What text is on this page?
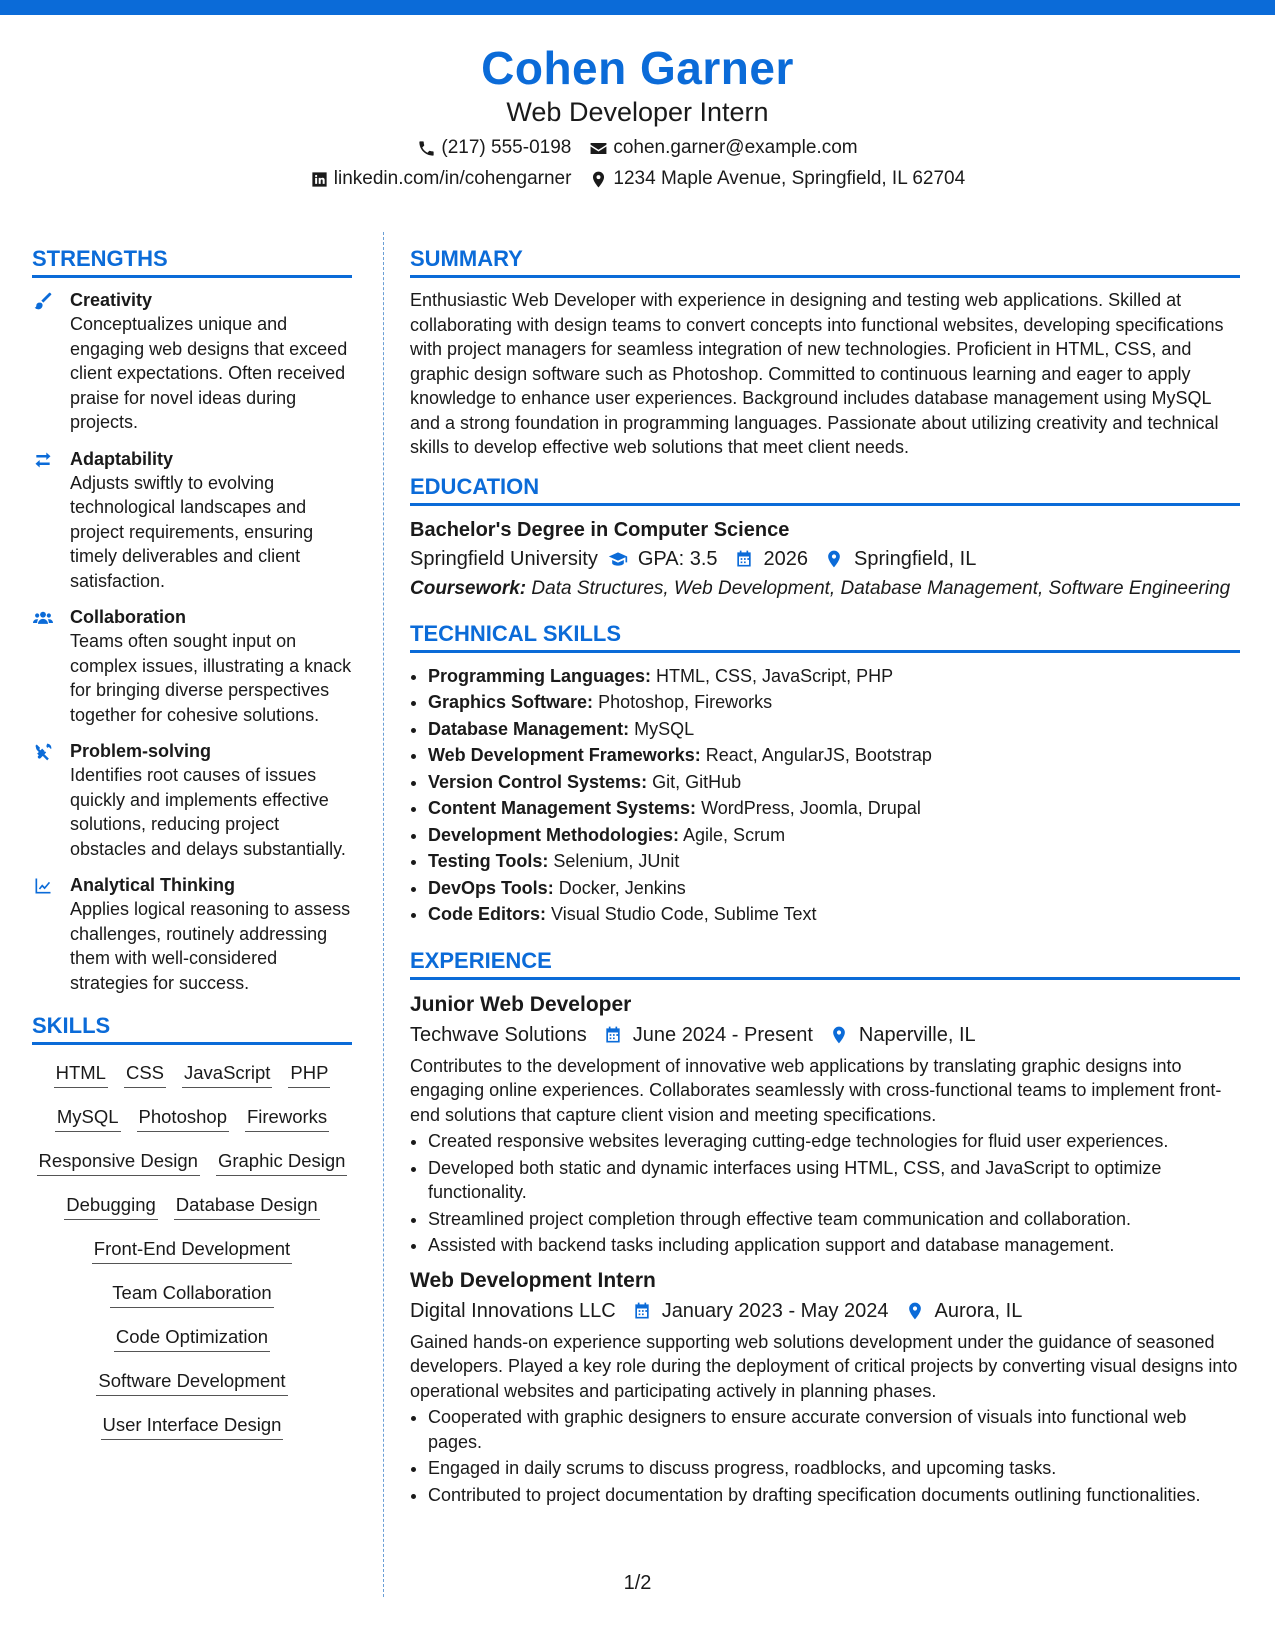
Cohen Garner
Web Developer Intern
(217) 555-0198 cohen.garner@example.com
linkedin.com/in/cohengarner 1234 Maple Avenue, Springfield, IL 62704
STRENGTHS
Creativity
Conceptualizes unique and engaging web designs that exceed client expectations. Often received praise for novel ideas during projects.
Adaptability
Adjusts swiftly to evolving technological landscapes and project requirements, ensuring timely deliverables and client satisfaction.
Collaboration
Teams often sought input on complex issues, illustrating a knack for bringing diverse perspectives together for cohesive solutions.
Problem-solving
Identifies root causes of issues quickly and implements effective solutions, reducing project obstacles and delays substantially.
Analytical Thinking
Applies logical reasoning to assess challenges, routinely addressing them with well-considered strategies for success.
SKILLS
HTML CSS JavaScript PHP
MySQL Photoshop Fireworks
Responsive Design Graphic Design
Debugging Database Design
Front-End Development
Team Collaboration
Code Optimization
Software Development
User Interface Design
SUMMARY
Enthusiastic Web Developer with experience in designing and testing web applications. Skilled at collaborating with design teams to convert concepts into functional websites, developing specifications with project managers for seamless integration of new technologies. Proficient in HTML, CSS, and graphic design software such as Photoshop. Committed to continuous learning and eager to apply knowledge to enhance user experiences. Background includes database management using MySQL and a strong foundation in programming languages. Passionate about utilizing creativity and technical skills to develop effective web solutions that meet client needs.
EDUCATION
Bachelor's Degree in Computer Science
Springfield University GPA: 3.5 2026 Springfield, IL
Coursework: Data Structures, Web Development, Database Management, Software Engineering
TECHNICAL SKILLS
• Programming Languages: HTML, CSS, JavaScript, PHP
• Graphics Software: Photoshop, Fireworks
• Database Management: MySQL
• Web Development Frameworks: React, AngularJS, Bootstrap
• Version Control Systems: Git, GitHub
• Content Management Systems: WordPress, Joomla, Drupal
• Development Methodologies: Agile, Scrum
• Testing Tools: Selenium, JUnit
• DevOps Tools: Docker, Jenkins
• Code Editors: Visual Studio Code, Sublime Text
EXPERIENCE
Junior Web Developer
Techwave Solutions June 2024 - Present Naperville, IL
Contributes to the development of innovative web applications by translating graphic designs into engaging online experiences. Collaborates seamlessly with cross-functional teams to implement front-end solutions that capture client vision and meeting specifications.
• Created responsive websites leveraging cutting-edge technologies for fluid user experiences.
• Developed both static and dynamic interfaces using HTML, CSS, and JavaScript to optimize functionality.
• Streamlined project completion through effective team communication and collaboration.
• Assisted with backend tasks including application support and database management.
Web Development Intern
Digital Innovations LLC January 2023 - May 2024 Aurora, IL
Gained hands-on experience supporting web solutions development under the guidance of seasoned developers. Played a key role during the deployment of critical projects by converting visual designs into operational websites and participating actively in planning phases.
• Cooperated with graphic designers to ensure accurate conversion of visuals into functional web pages.
• Engaged in daily scrums to discuss progress, roadblocks, and upcoming tasks.
• Contributed to project documentation by drafting specification documents outlining functionalities.
1/2
